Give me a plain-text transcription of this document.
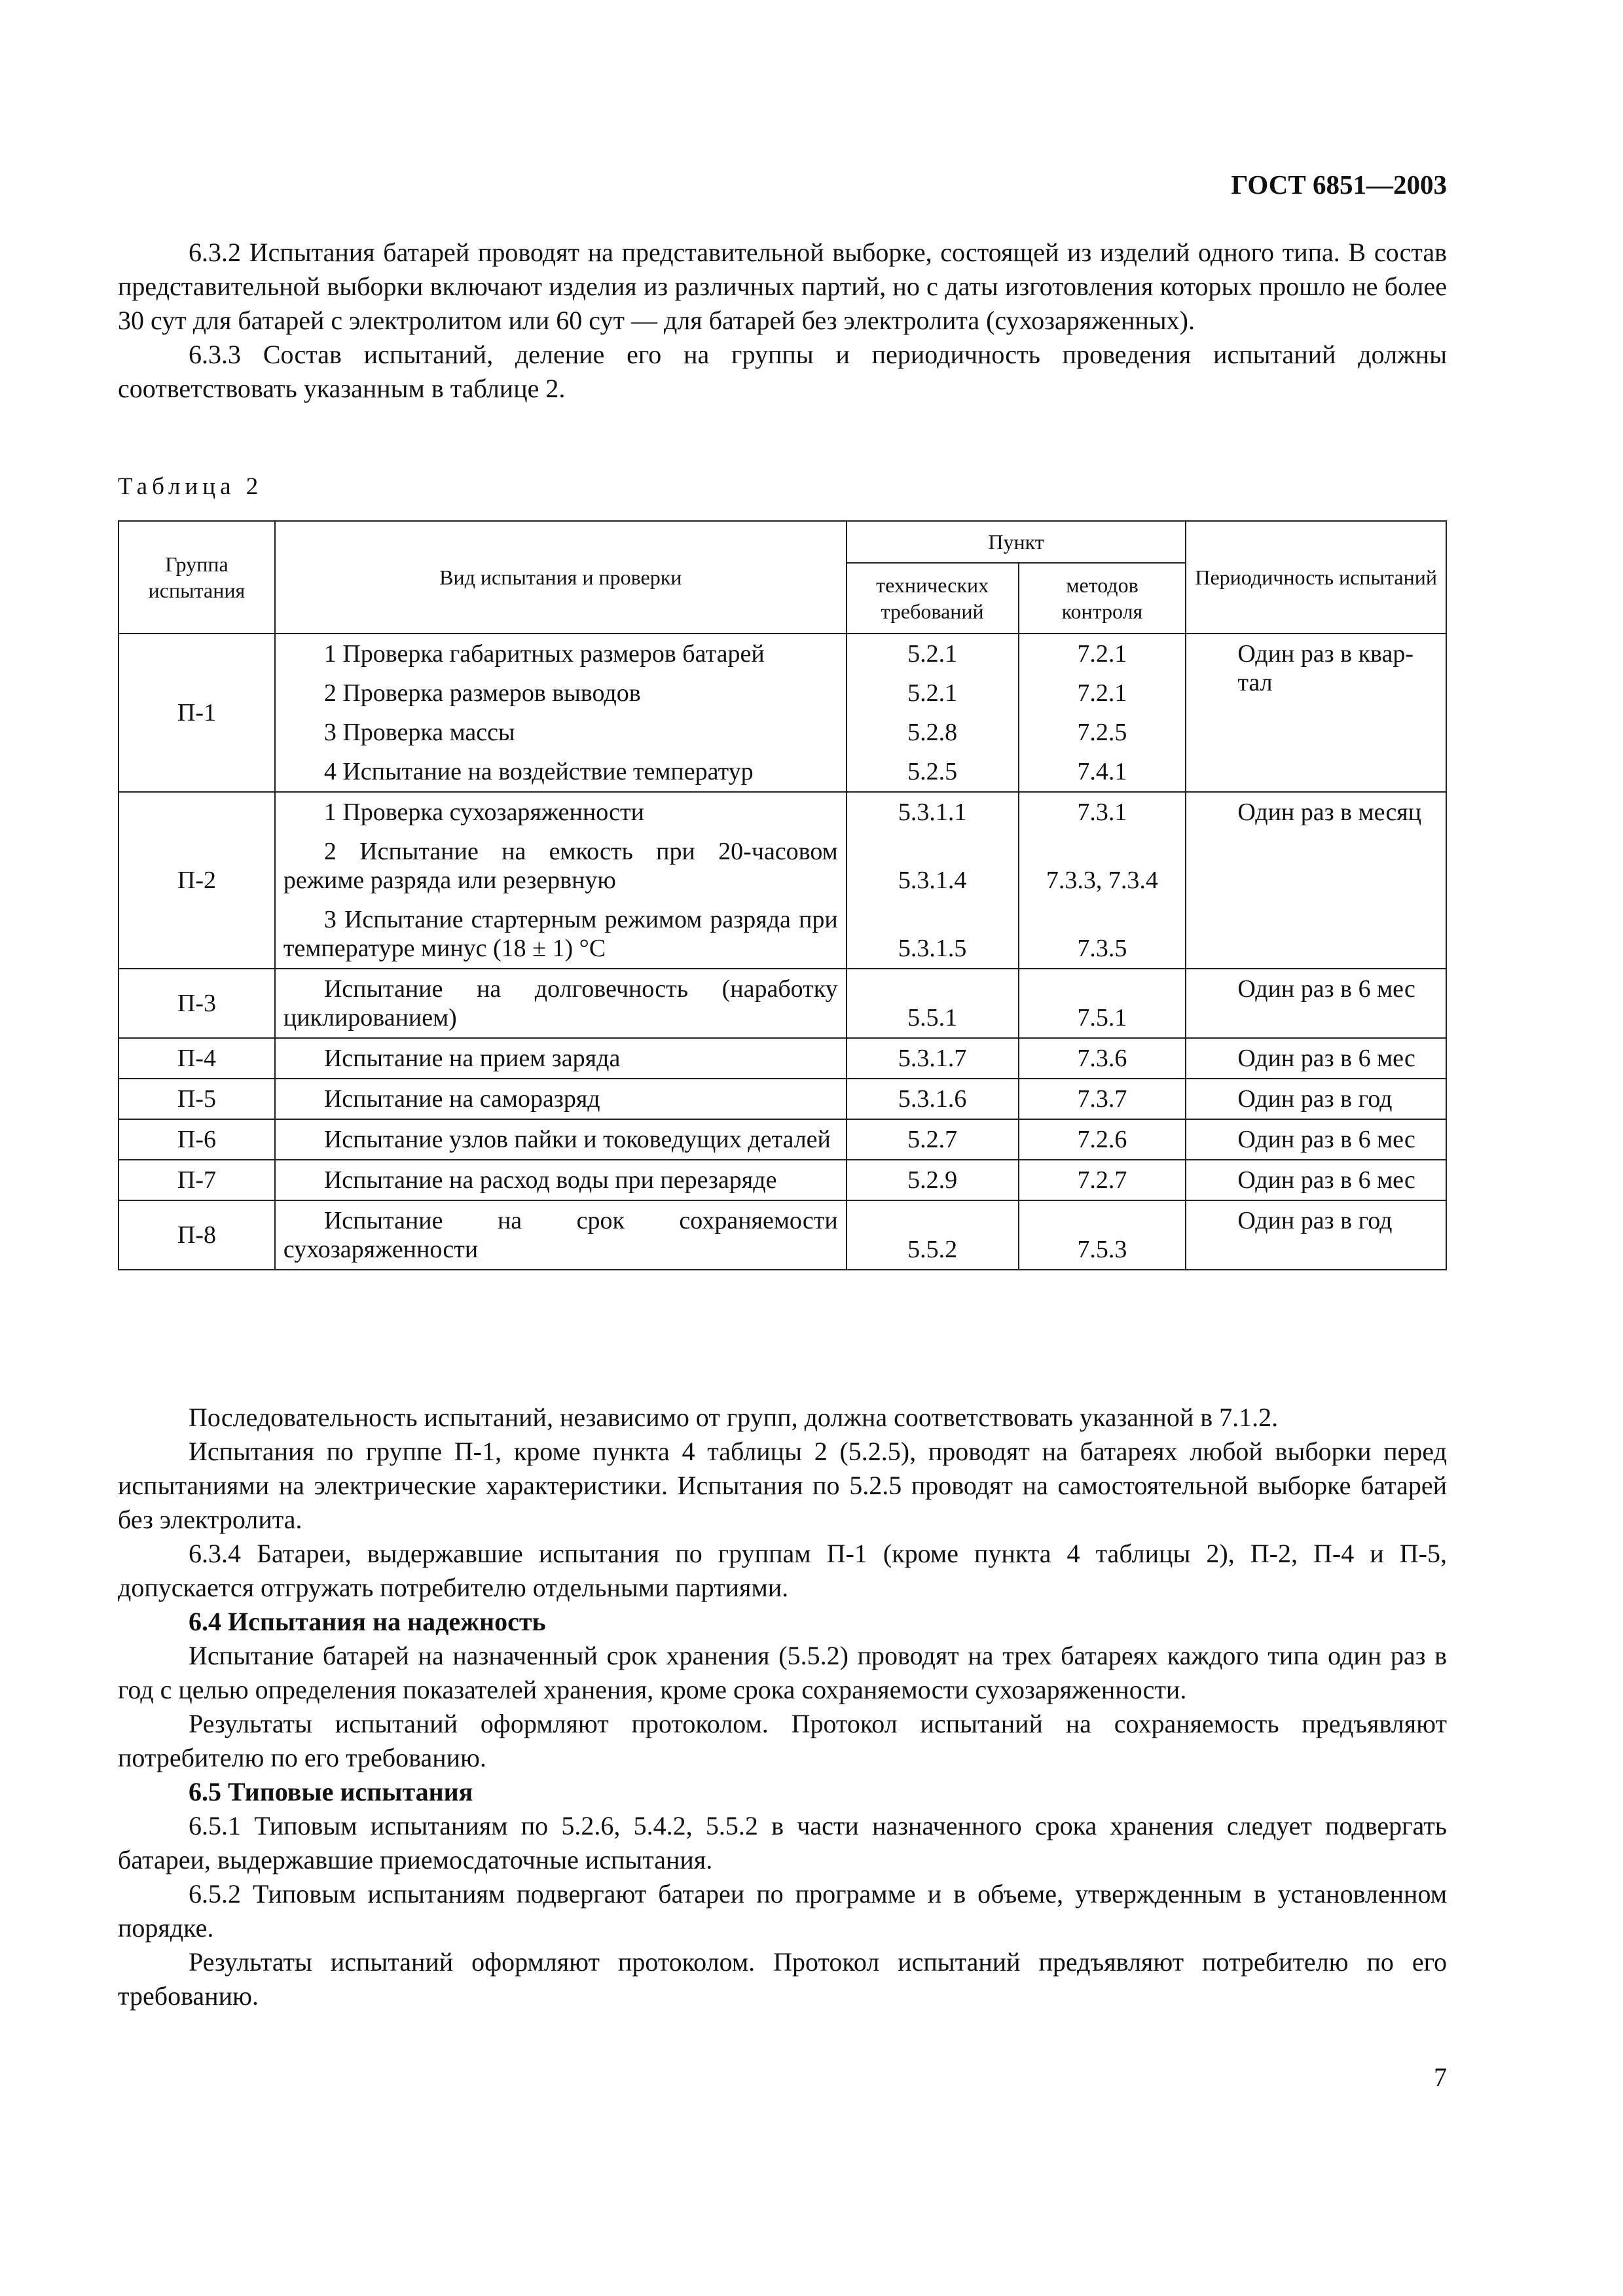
ГОСТ 6851—2003

6.3.2 Испытания батарей проводят на представительной выборке, состоящей из изделий одного типа. В состав представительной выборки включают изделия из различных партий, но с даты изготовления которых прошло не более 30 сут для батарей с электролитом или 60 сут — для батарей без электролита (сухозаряженных).

6.3.3 Состав испытаний, деление его на группы и периодичность проведения испытаний должны соответствовать указанным в таблице 2.

Таблица 2
Группа испытания	Вид испытания и проверки	Пункт		Периодичность испытаний
		технических требований	методов контроля	
П-1	1 Проверка габаритных размеров батарей	5.2.1	7.2.1	Один раз в квар- тал
	2 Проверка размеров выводов	5.2.1	7.2.1	
	3 Проверка массы	5.2.8	7.2.5	
	4 Испытание на воздействие температур	5.2.5	7.4.1	
П-2	1 Проверка сухозаряженности	5.3.1.1	7.3.1	Один раз в месяц
	2 Испытание на емкость при 20-часовом режиме разряда или резервную	5.3.1.4	7.3.3, 7.3.4	
	3 Испытание стартерным режимом разряда при температуре минус (18 ± 1) °С	5.3.1.5	7.3.5	
П-3	Испытание на долговечность (наработку циклированием)	5.5.1	7.5.1	Один раз в 6 мес
П-4	Испытание на прием заряда	5.3.1.7	7.3.6	Один раз в 6 мес
П-5	Испытание на саморазряд	5.3.1.6	7.3.7	Один раз в год
П-6	Испытание узлов пайки и токоведущих деталей	5.2.7	7.2.6	Один раз в 6 мес
П-7	Испытание на расход воды при перезаряде	5.2.9	7.2.7	Один раз в 6 мес
П-8	Испытание на срок сохраняемости сухозаряженности	5.5.2	7.5.3	Один раз в год

Последовательность испытаний, независимо от групп, должна соответствовать указанной в 7.1.2.

Испытания по группе П-1, кроме пункта 4 таблицы 2 (5.2.5), проводят на батареях любой выборки перед испытаниями на электрические характеристики. Испытания по 5.2.5 проводят на самостоятельной выборке батарей без электролита.

6.3.4 Батареи, выдержавшие испытания по группам П-1 (кроме пункта 4 таблицы 2), П-2, П-4 и П-5, допускается отгружать потребителю отдельными партиями.

6.4 Испытания на надежность

Испытание батарей на назначенный срок хранения (5.5.2) проводят на трех батареях каждого типа один раз в год с целью определения показателей хранения, кроме срока сохраняемости сухозаряженности.

Результаты испытаний оформляют протоколом. Протокол испытаний на сохраняемость предъявляют потребителю по его требованию.

6.5 Типовые испытания

6.5.1 Типовым испытаниям по 5.2.6, 5.4.2, 5.5.2 в части назначенного срока хранения следует подвергать батареи, выдержавшие приемосдаточные испытания.

6.5.2 Типовым испытаниям подвергают батареи по программе и в объеме, утвержденным в установленном порядке.

Результаты испытаний оформляют протоколом. Протокол испытаний предъявляют потребителю по его требованию.

7
